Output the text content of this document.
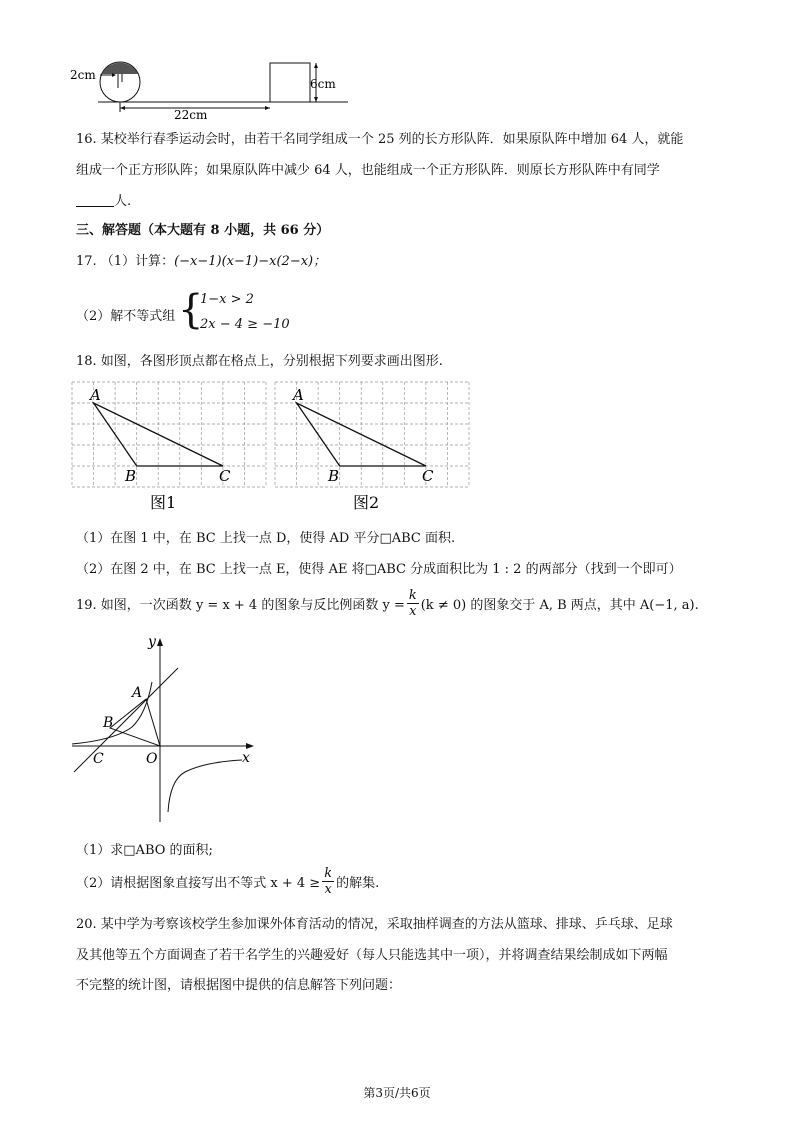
2cm
22cm
6cm
16. 某校举行春季运动会时，由若干名同学组成一个 25 列的长方形队阵．如果原队阵中增加 64 人，就能
组成一个正方形队阵；如果原队阵中减少 64 人，也能组成一个正方形队阵．则原长方形队阵中有同学
人.
三、解答题（本大题有 8 小题，共 66 分）
17. （1）计算：(−x−1)(x−1)−x(2−x)；
（2）解不等式组 {
1−x > 2
2x − 4 ≥ −10
18. 如图，各图形顶点都在格点上，分别根据下列要求画出图形.
A
B	C
图1
A
B	C
图2
（1）在图 1 中，在 BC 上找一点 D，使得 AD 平分□ABC 面积.
（2）在图 2 中，在 BC 上找一点 E，使得 AE 将□ABC 分成面积比为 1 : 2 的两部分（找到一个即可）
19. 如图，一次函数 y = x + 4 的图象与反比例函数 $y = \frac{k}{x} (k \ne 0)$ 的图象交于 A, B 两点，其中 A(−1, a).
y
x
A
B
C	O
（1）求□ABO 的面积;
（2）请根据图象直接写出不等式 $x + 4 \ge \frac{k}{x}$ 的解集.
20. 某中学为考察该校学生参加课外体育活动的情况，采取抽样调查的方法从篮球、排球、乒乓球、足球
及其他等五个方面调查了若干名学生的兴趣爱好（每人只能选其中一项），并将调查结果绘制成如下两幅
不完整的统计图，请根据图中提供的信息解答下列问题：
第3页/共6页
